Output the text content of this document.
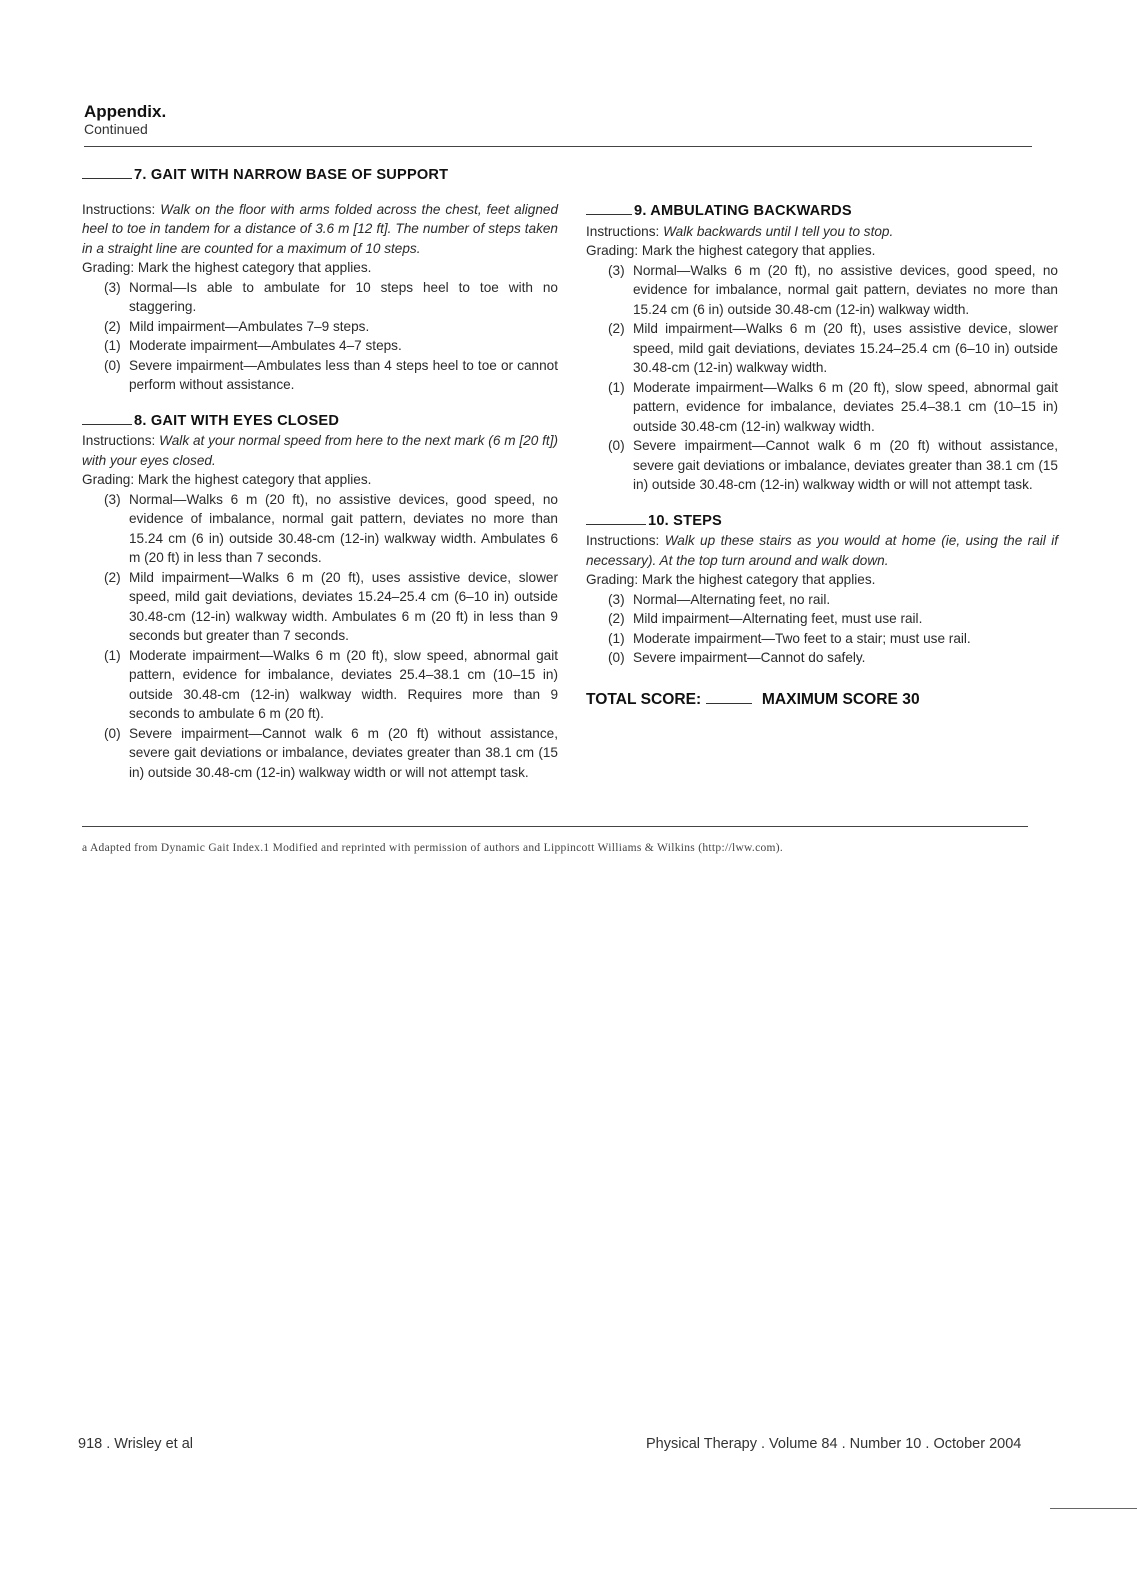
Appendix.
Continued
7. GAIT WITH NARROW BASE OF SUPPORT

Instructions: Walk on the floor with arms folded across the chest, feet aligned heel to toe in tandem for a distance of 3.6 m [12 ft]. The number of steps taken in a straight line are counted for a maximum of 10 steps.

Grading: Mark the highest category that applies.

(3) Normal—Is able to ambulate for 10 steps heel to toe with no staggering.
(2) Mild impairment—Ambulates 7–9 steps.
(1) Moderate impairment—Ambulates 4–7 steps.
(0) Severe impairment—Ambulates less than 4 steps heel to toe or cannot perform without assistance.
8. GAIT WITH EYES CLOSED

Instructions: Walk at your normal speed from here to the next mark (6 m [20 ft]) with your eyes closed.

Grading: Mark the highest category that applies.

(3) Normal—Walks 6 m (20 ft), no assistive devices, good speed, no evidence of imbalance, normal gait pattern, deviates no more than 15.24 cm (6 in) outside 30.48-cm (12-in) walkway width. Ambulates 6 m (20 ft) in less than 7 seconds.
(2) Mild impairment—Walks 6 m (20 ft), uses assistive device, slower speed, mild gait deviations, deviates 15.24–25.4 cm (6–10 in) outside 30.48-cm (12-in) walkway width. Ambulates 6 m (20 ft) in less than 9 seconds but greater than 7 seconds.
(1) Moderate impairment—Walks 6 m (20 ft), slow speed, abnormal gait pattern, evidence for imbalance, deviates 25.4–38.1 cm (10–15 in) outside 30.48-cm (12-in) walkway width. Requires more than 9 seconds to ambulate 6 m (20 ft).
(0) Severe impairment—Cannot walk 6 m (20 ft) without assistance, severe gait deviations or imbalance, deviates greater than 38.1 cm (15 in) outside 30.48-cm (12-in) walkway width or will not attempt task.
9. AMBULATING BACKWARDS

Instructions: Walk backwards until I tell you to stop.

Grading: Mark the highest category that applies.

(3) Normal—Walks 6 m (20 ft), no assistive devices, good speed, no evidence for imbalance, normal gait pattern, deviates no more than 15.24 cm (6 in) outside 30.48-cm (12-in) walkway width.
(2) Mild impairment—Walks 6 m (20 ft), uses assistive device, slower speed, mild gait deviations, deviates 15.24–25.4 cm (6–10 in) outside 30.48-cm (12-in) walkway width.
(1) Moderate impairment—Walks 6 m (20 ft), slow speed, abnormal gait pattern, evidence for imbalance, deviates 25.4–38.1 cm (10–15 in) outside 30.48-cm (12-in) walkway width.
(0) Severe impairment—Cannot walk 6 m (20 ft) without assistance, severe gait deviations or imbalance, deviates greater than 38.1 cm (15 in) outside 30.48-cm (12-in) walkway width or will not attempt task.
10. STEPS

Instructions: Walk up these stairs as you would at home (ie, using the rail if necessary). At the top turn around and walk down.

Grading: Mark the highest category that applies.

(3) Normal—Alternating feet, no rail.
(2) Mild impairment—Alternating feet, must use rail.
(1) Moderate impairment—Two feet to a stair; must use rail.
(0) Severe impairment—Cannot do safely.
TOTAL SCORE:	MAXIMUM SCORE 30
a Adapted from Dynamic Gait Index.1 Modified and reprinted with permission of authors and Lippincott Williams & Wilkins (http://lww.com).
918 . Wrisley et al	Physical Therapy . Volume 84 . Number 10 . October 2004
